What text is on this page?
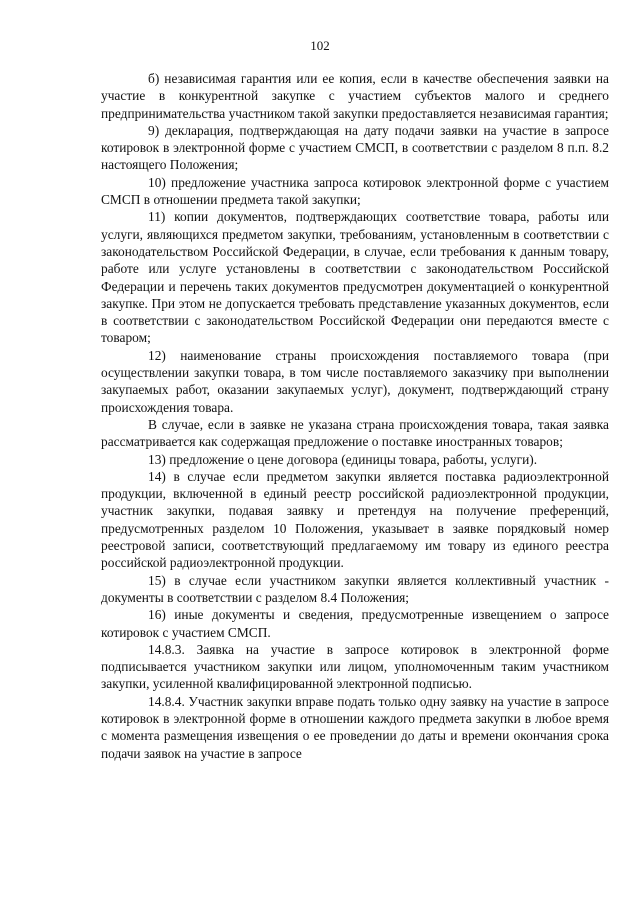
102

б) независимая гарантия или ее копия, если в качестве обеспечения заявки на участие в конкурентной закупке с участием субъектов малого и среднего предпринимательства участником такой закупки предоставляется независимая гарантия;

9) декларация, подтверждающая на дату подачи заявки на участие в запросе котировок в электронной форме с участием СМСП, в соответствии с разделом 8 п.п. 8.2 настоящего Положения;

10) предложение участника запроса котировок электронной форме с участием СМСП в отношении предмета такой закупки;

11) копии документов, подтверждающих соответствие товара, работы или услуги, являющихся предметом закупки, требованиям, установленным в соответствии с законодательством Российской Федерации, в случае, если требования к данным товару, работе или услуге установлены в соответствии с законодательством Российской Федерации и перечень таких документов предусмотрен документацией о конкурентной закупке. При этом не допускается требовать представление указанных документов, если в соответствии с законодательством Российской Федерации они передаются вместе с товаром;

12) наименование страны происхождения поставляемого товара (при осуществлении закупки товара, в том числе поставляемого заказчику при выполнении закупаемых работ, оказании закупаемых услуг), документ, подтверждающий страну происхождения товара.

В случае, если в заявке не указана страна происхождения товара, такая заявка рассматривается как содержащая предложение о поставке иностранных товаров;

13) предложение о цене договора (единицы товара, работы, услуги).

14) в случае если предметом закупки является поставка радиоэлектронной продукции, включенной в единый реестр российской радиоэлектронной продукции, участник закупки, подавая заявку и претендуя на получение преференций, предусмотренных разделом 10 Положения, указывает в заявке порядковый номер реестровой записи, соответствующий предлагаемому им товару из единого реестра российской радиоэлектронной продукции.

15) в случае если участником закупки является коллективный участник - документы в соответствии с разделом 8.4 Положения;

16) иные документы и сведения, предусмотренные извещением о запросе котировок с участием СМСП.

14.8.3. Заявка на участие в запросе котировок в электронной форме подписывается участником закупки или лицом, уполномоченным таким участником закупки, усиленной квалифицированной электронной подписью.

14.8.4. Участник закупки вправе подать только одну заявку на участие в запросе котировок в электронной форме в отношении каждого предмета закупки в любое время с момента размещения извещения о ее проведении до даты и времени окончания срока подачи заявок на участие в запросе
